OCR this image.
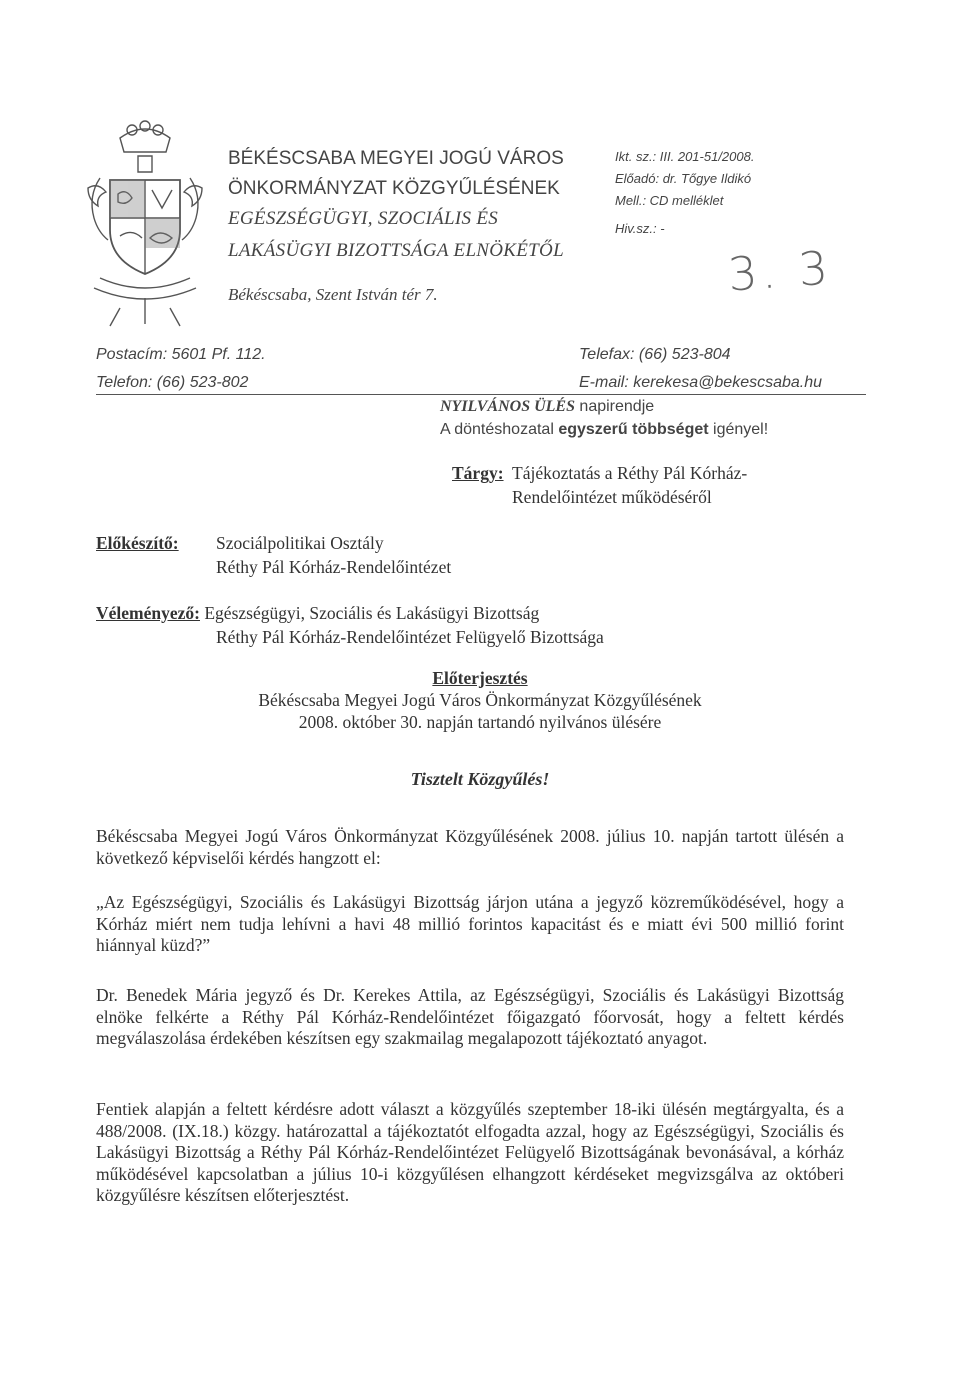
BÉKÉSCSABA MEGYEI JOGÚ VÁROS
ÖNKORMÁNYZAT KÖZGYŰLÉSÉNEK
EGÉSZSÉGÜGYI, SZOCIÁLIS ÉS
LAKÁSÜGYI BIZOTTSÁGA ELNÖKÉTŐL
Békéscsaba, Szent István tér 7.
Ikt. sz.: III. 201-51/2008.
Előadó: dr. Tőgye Ildikó
Mell.: CD melléklet
Hiv.sz.: -
3. 3
Postacím: 5601 Pf. 112.
Telefon: (66) 523-802
Telefax: (66) 523-804
E-mail: kerekesa@bekescsaba.hu
NYILVÁNOS ÜLÉS napirendje
A döntéshozatal egyszerű többséget igényel!
Tárgy: Tájékoztatás a Réthy Pál Kórház-
Rendelőintézet működéséről
Előkészítő: Szociálpolitikai Osztály
Réthy Pál Kórház-Rendelőintézet
Véleményező: Egészségügyi, Szociális és Lakásügyi Bizottság
Réthy Pál Kórház-Rendelőintézet Felügyelő Bizottsága
Előterjesztés
Békéscsaba Megyei Jogú Város Önkormányzat Közgyűlésének
2008. október 30. napján tartandó nyilvános ülésére
Tisztelt Közgyűlés!

Békéscsaba Megyei Jogú Város Önkormányzat Közgyűlésének 2008. július 10. napján tartott ülésén a következő képviselői kérdés hangzott el:

„Az Egészségügyi, Szociális és Lakásügyi Bizottság járjon utána a jegyző közreműködésével, hogy a Kórház miért nem tudja lehívni a havi 48 millió forintos kapacitást és e miatt évi 500 millió forint hiánnyal küzd?”

Dr. Benedek Mária jegyző és Dr. Kerekes Attila, az Egészségügyi, Szociális és Lakásügyi Bizottság elnöke felkérte a Réthy Pál Kórház-Rendelőintézet főigazgató főorvosát, hogy a feltett kérdés megválaszolása érdekében készítsen egy szakmailag megalapozott tájékoztató anyagot.

Fentiek alapján a feltett kérdésre adott választ a közgyűlés szeptember 18-iki ülésén megtárgyalta, és a 488/2008. (IX.18.) közgy. határozattal a tájékoztatót elfogadta azzal, hogy az Egészségügyi, Szociális és Lakásügyi Bizottság a Réthy Pál Kórház-Rendelőintézet Felügyelő Bizottságának bevonásával, a kórház működésével kapcsolatban a július 10-i közgyűlésen elhangzott kérdéseket megvizsgálva az októberi közgyűlésre készítsen előterjesztést.
